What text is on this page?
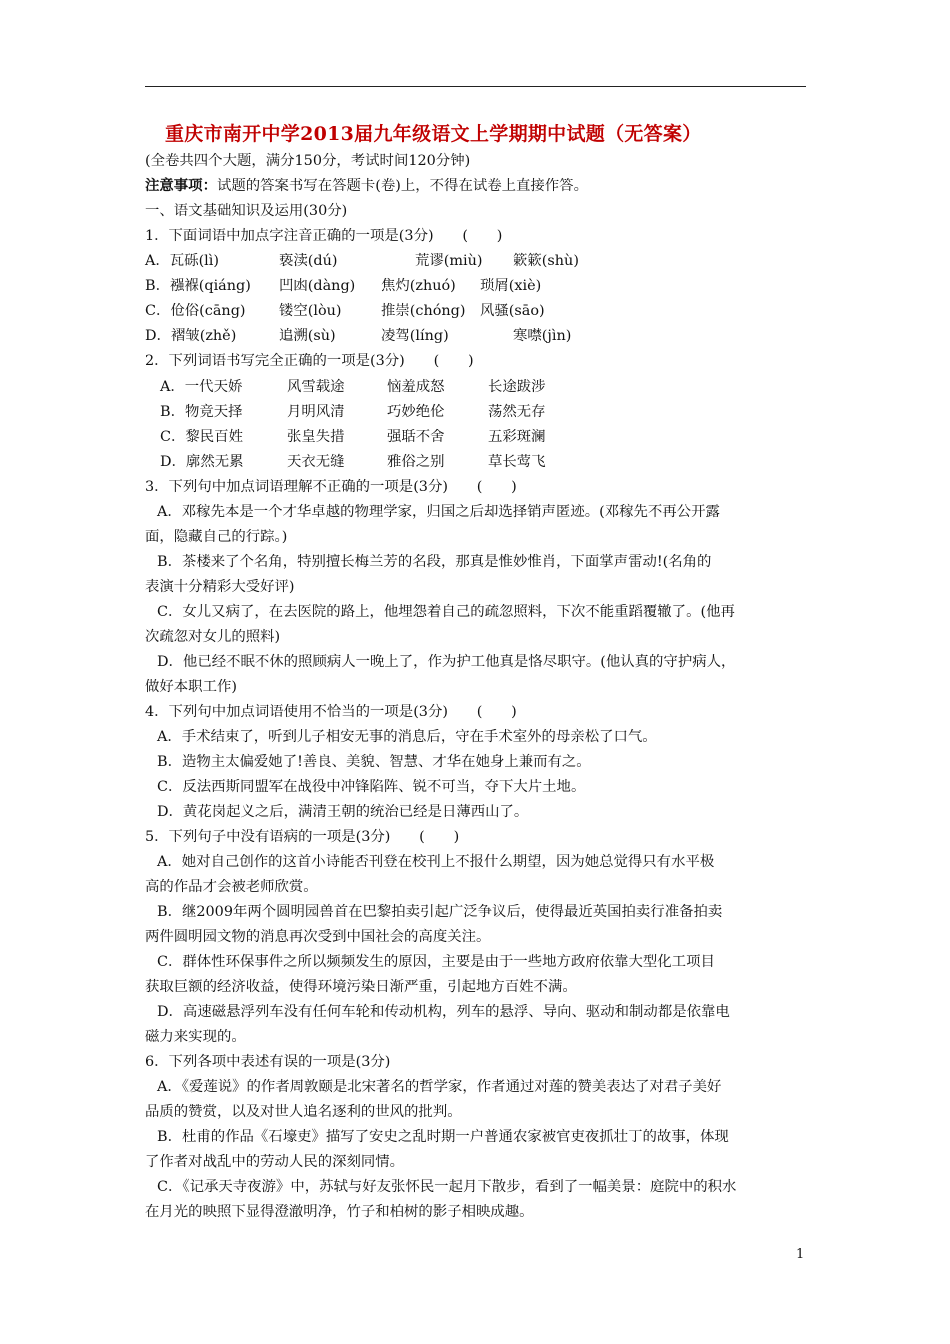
重庆市南开中学2013届九年级语文上学期期中试题（无答案）
(全卷共四个大题，满分150分，考试时间120分钟)
注意事项：试题的答案书写在答题卡(卷)上，不得在试卷上直接作答。
一、语文基础知识及运用(30分)
1．下面词语中加点字注音正确的一项是(3分)　　(　　)
A．瓦砾(lì)	亵渎(dú)	荒谬(miù) 簌簌(shù)
B．襁褓(qiáng) 凹凼(dàng) 焦灼(zhuó) 琐屑(xiè)
C．伧俗(cāng) 镂空(lòu)	推崇(chóng) 风骚(sāo)
D．褶皱(zhě)	追溯(sù)	凌驾(líng)	寒噤(jìn)
2．下列词语书写完全正确的一项是(3分)　　(　　)
A．一代天娇	风雪载途	恼羞成怒	长途跋涉
B．物竞天择	月明风清	巧妙绝伦	荡然无存
C．黎民百姓	张皇失措	强聒不舍	五彩斑澜
D．廓然无累	天衣无缝	雅俗之别	草长莺飞
3．下列句中加点词语理解不正确的一项是(3分)　　(　　)
A．邓稼先本是一个才华卓越的物理学家，归国之后却选择销声匿迹。(邓稼先不再公开露
面，隐藏自己的行踪。)
B．茶楼来了个名角，特别擅长梅兰芳的名段，那真是惟妙惟肖，下面掌声雷动!(名角的
表演十分精彩大受好评)
C．女儿又病了，在去医院的路上，他埋怨着自己的疏忽照料，下次不能重蹈覆辙了。(他再
次疏忽对女儿的照料)
D．他已经不眠不休的照顾病人一晚上了，作为护工他真是恪尽职守。(他认真的守护病人，
做好本职工作)
4．下列句中加点词语使用不恰当的一项是(3分)　　(　　)
A．手术结束了，听到儿子相安无事的消息后，守在手术室外的母亲松了口气。
B．造物主太偏爱她了!善良、美貌、智慧、才华在她身上兼而有之。
C．反法西斯同盟军在战役中冲锋陷阵、锐不可当，夺下大片土地。
D．黄花岗起义之后，满清王朝的统治已经是日薄西山了。
5．下列句子中没有语病的一项是(3分)　　(　　)
A．她对自己创作的这首小诗能否刊登在校刊上不报什么期望，因为她总觉得只有水平极
高的作品才会被老师欣赏。
B．继2009年两个圆明园兽首在巴黎拍卖引起广泛争议后，使得最近英国拍卖行准备拍卖
两件圆明园文物的消息再次受到中国社会的高度关注。
C．群体性环保事件之所以频频发生的原因，主要是由于一些地方政府依靠大型化工项目
获取巨额的经济收益，使得环境污染日渐严重，引起地方百姓不满。
D．高速磁悬浮列车没有任何车轮和传动机构，列车的悬浮、导向、驱动和制动都是依靠电
磁力来实现的。
6．下列各项中表述有误的一项是(3分)
A．《爱莲说》的作者周敦颐是北宋著名的哲学家，作者通过对莲的赞美表达了对君子美好
品质的赞赏，以及对世人追名逐利的世风的批判。
B．杜甫的作品《石壕吏》描写了安史之乱时期一户普通农家被官吏夜抓壮丁的故事，体现
了作者对战乱中的劳动人民的深刻同情。
C．《记承天寺夜游》中，苏轼与好友张怀民一起月下散步，看到了一幅美景：庭院中的积水
在月光的映照下显得澄澈明净，竹子和柏树的影子相映成趣。
1
